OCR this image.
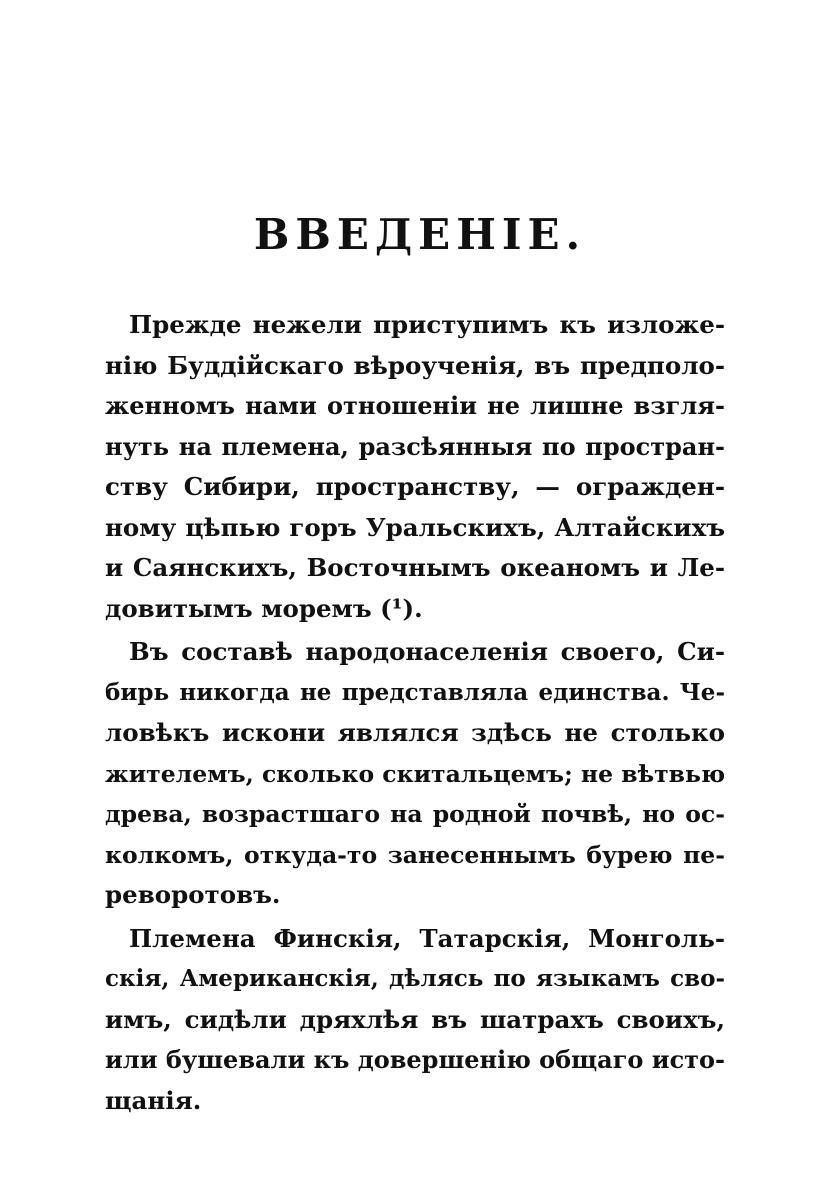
ВВЕДЕНІЕ.
Прежде нежели приступимъ къ изложе-
нію Буддійскаго вѣроученія, въ предполо-
женномъ нами отношеніи не лишне взгля-
нуть на племена, разсѣянныя по простран-
ству Сибири, пространству, — огражден-
ному цѣпью горъ Уральскихъ, Алтайскихъ
и Саянскихъ, Восточнымъ океаномъ и Ле-
довитымъ моремъ (¹).
Въ составѣ народонаселенія своего, Си-
бирь никогда не представляла единства. Че-
ловѣкъ искони являлся здѣсь не столько
жителемъ, сколько скитальцемъ; не вѣтвью
древа, возрастшаго на родной почвѣ, но ос-
колкомъ, откуда-то занесеннымъ бурею пе-
реворотовъ.
Племена Финскія, Татарскія, Монголь-
скія, Американскія, дѣлясь по языкамъ сво-
имъ, сидѣли дряхлѣя въ шатрахъ своихъ,
или бушевали къ довершенію общаго исто-
щанія.
